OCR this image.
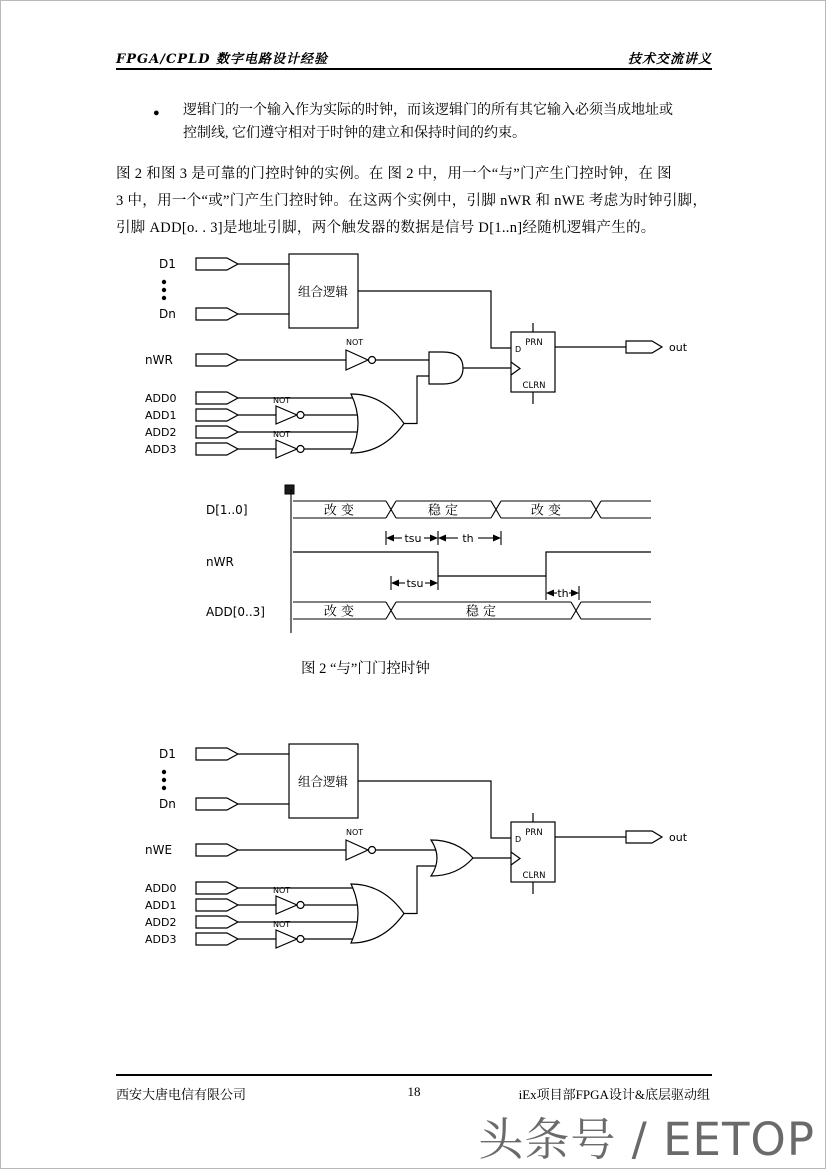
FPGA/CPLD 数字电路设计经验	技术交流讲义
●	逻辑门的一个输入作为实际的时钟，而该逻辑门的所有其它输入必须当成地址或
控制线, 它们遵守相对于时钟的建立和保持时间的约束。
图 2 和图 3 是可靠的门控时钟的实例。在 图 2 中，用一个“与”门产生门控时钟，在 图
3 中，用一个“或”门产生门控时钟。在这两个实例中，引脚 nWR 和 nWE 考虑为时钟引脚，
引脚 ADD[o. . 3]是地址引脚，两个触发器的数据是信号 D[1..n]经随机逻辑产生的。
D1
Dn
组合逻辑
nWR
NOT
ADD0
ADD1
ADD2
ADD3
NOT
NOT
PRN
CLRN
D	out
D[1..0]	改 变	稳 定	改 变
tsu	th
nWR
tsu
th
ADD[0..3]	改 变	稳 定
图 2 “与”门门控时钟
D1
Dn
组合逻辑
nWE
NOT
ADD0
ADD1
ADD2
ADD3
NOT
NOT
PRN
CLRN
D	out
西安大唐电信有限公司	18	iEx项目部FPGA设计&底层驱动组
头条号 / EETOP
